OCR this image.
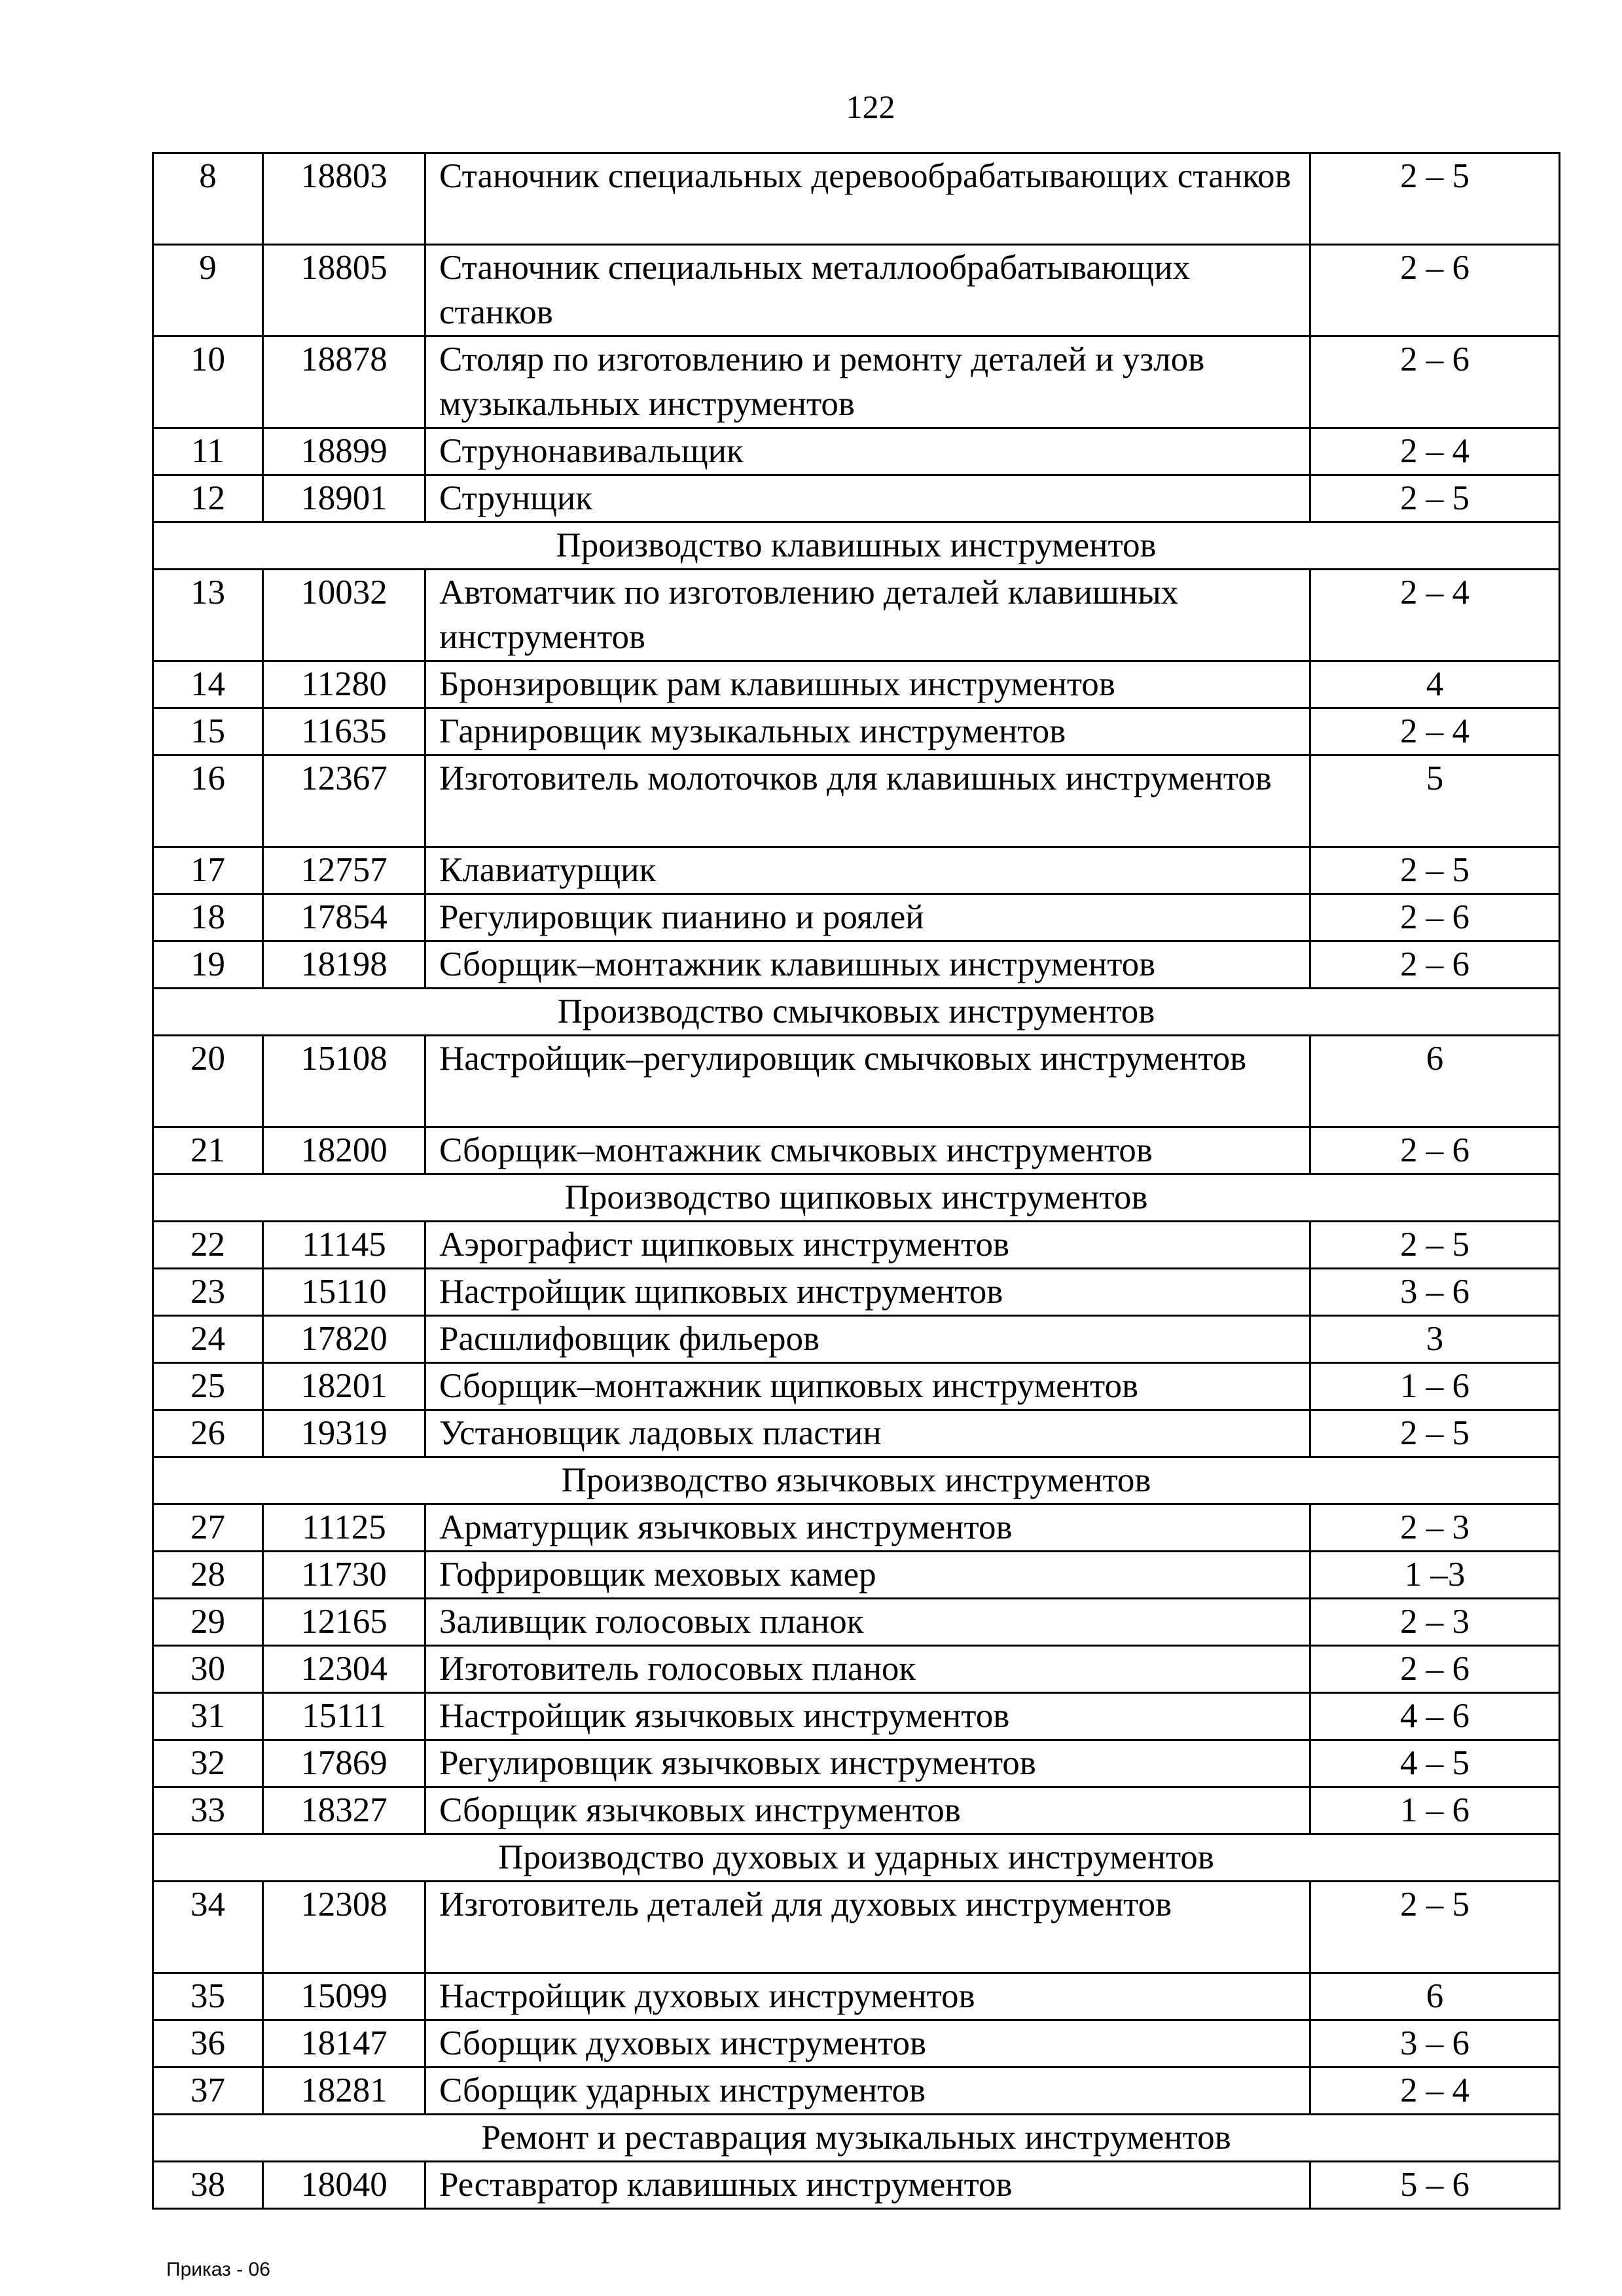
122
8	18803	Станочник специальных деревообрабатывающих станков	2 – 5
9	18805	Станочник специальных металлообрабатывающих станков	2 – 6
10	18878	Столяр по изготовлению и ремонту деталей и узлов музыкальных инструментов	2 – 6
11	18899	Струнонавивальщик	2 – 4
12	18901	Струнщик	2 – 5
Производство клавишных инструментов			
13	10032	Автоматчик по изготовлению деталей клавишных инструментов	2 – 4
14	11280	Бронзировщик рам клавишных инструментов	4
15	11635	Гарнировщик музыкальных инструментов	2 – 4
16	12367	Изготовитель молоточков для клавишных инструментов	5
17	12757	Клавиатурщик	2 – 5
18	17854	Регулировщик пианино и роялей	2 – 6
19	18198	Сборщик–монтажник клавишных инструментов	2 – 6
Производство смычковых инструментов			
20	15108	Настройщик–регулировщик смычковых инструментов	6
21	18200	Сборщик–монтажник смычковых инструментов	2 – 6
Производство щипковых инструментов			
22	11145	Аэрографист щипковых инструментов	2 – 5
23	15110	Настройщик щипковых инструментов	3 – 6
24	17820	Расшлифовщик фильеров	3
25	18201	Сборщик–монтажник щипковых инструментов	1 – 6
26	19319	Установщик ладовых пластин	2 – 5
Производство язычковых инструментов			
27	11125	Арматурщик язычковых инструментов	2 – 3
28	11730	Гофрировщик меховых камер	1 –3
29	12165	Заливщик голосовых планок	2 – 3
30	12304	Изготовитель голосовых планок	2 – 6
31	15111	Настройщик язычковых инструментов	4 – 6
32	17869	Регулировщик язычковых инструментов	4 – 5
33	18327	Сборщик язычковых инструментов	1 – 6
Производство духовых и ударных инструментов			
34	12308	Изготовитель деталей для духовых инструментов	2 – 5
35	15099	Настройщик духовых инструментов	6
36	18147	Сборщик духовых инструментов	3 – 6
37	18281	Сборщик ударных инструментов	2 – 4
Ремонт и реставрация музыкальных инструментов			
38	18040	Реставратор клавишных инструментов	5 – 6
Приказ - 06
